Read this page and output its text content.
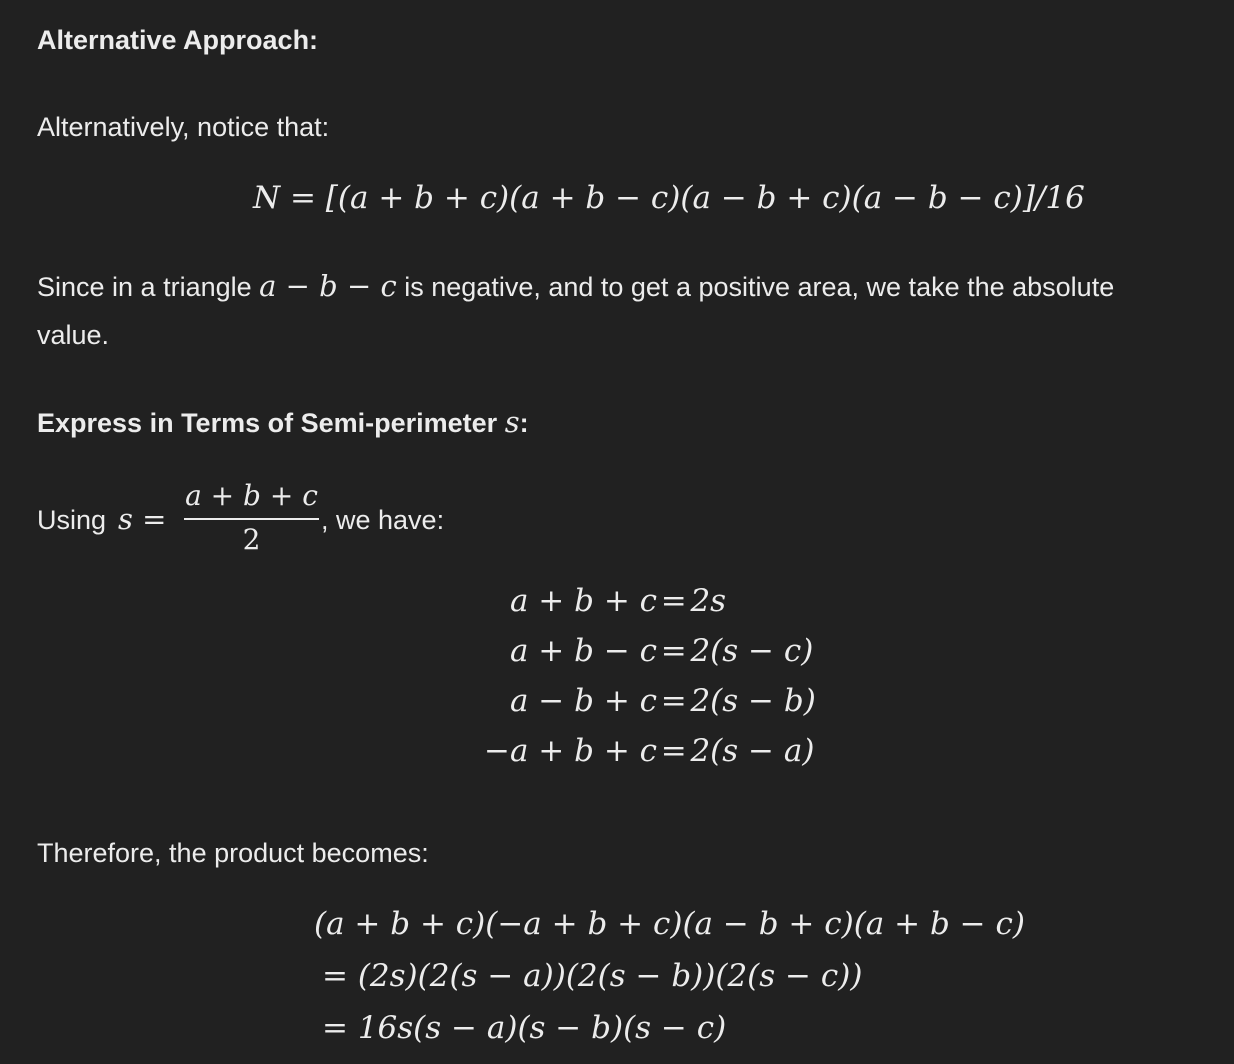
Alternative Approach:
Alternatively, notice that:
N = [(a + b + c)(a + b − c)(a − b + c)(a − b − c)]/16
Since in a triangle a − b − c is negative, and to get a positive area, we take the absolute
value.
Express in Terms of Semi-perimeter s:
Using s =
a + b + c
2
, we have:
a + b + c = 2s
a + b − c = 2(s − c)
a − b + c = 2(s − b)
−a + b + c = 2(s − a)
Therefore, the product becomes:
(a + b + c)(−a + b + c)(a − b + c)(a + b − c)
= (2s)(2(s − a))(2(s − b))(2(s − c))
= 16s(s − a)(s − b)(s − c)
